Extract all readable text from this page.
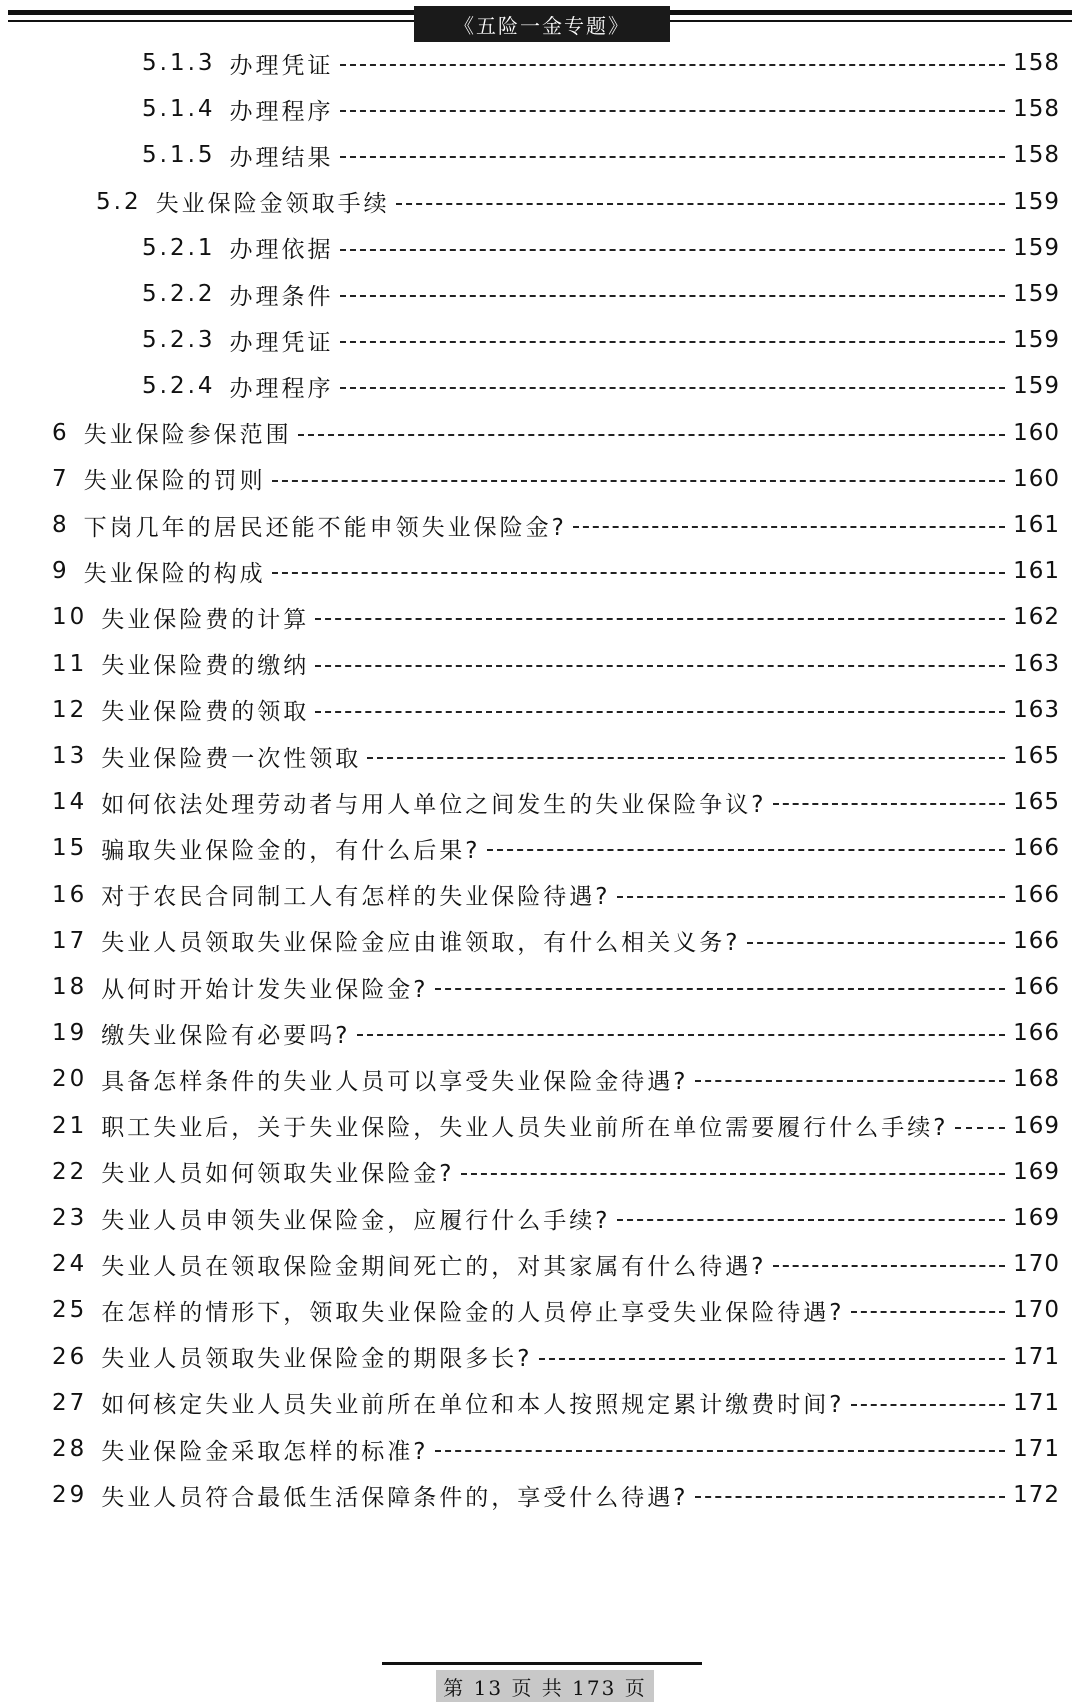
《五险一金专题》
5.1.3 办理凭证	158
5.1.4 办理程序	158
5.1.5 办理结果	158
5.2 失业保险金领取手续	159
5.2.1 办理依据	159
5.2.2 办理条件	159
5.2.3 办理凭证	159
5.2.4 办理程序	159
6 失业保险参保范围	160
7 失业保险的罚则	160
8 下岗几年的居民还能不能申领失业保险金?	161
9 失业保险的构成	161
10 失业保险费的计算	162
11 失业保险费的缴纳	163
12 失业保险费的领取	163
13 失业保险费一次性领取	165
14 如何依法处理劳动者与用人单位之间发生的失业保险争议?	165
15 骗取失业保险金的，有什么后果?	166
16 对于农民合同制工人有怎样的失业保险待遇?	166
17 失业人员领取失业保险金应由谁领取，有什么相关义务?	166
18 从何时开始计发失业保险金?	166
19 缴失业保险有必要吗?	166
20 具备怎样条件的失业人员可以享受失业保险金待遇?	168
21 职工失业后，关于失业保险，失业人员失业前所在单位需要履行什么手续?	169
22 失业人员如何领取失业保险金?	169
23 失业人员申领失业保险金，应履行什么手续?	169
24 失业人员在领取保险金期间死亡的，对其家属有什么待遇?	170
25 在怎样的情形下，领取失业保险金的人员停止享受失业保险待遇?	170
26 失业人员领取失业保险金的期限多长?	171
27 如何核定失业人员失业前所在单位和本人按照规定累计缴费时间?	171
28 失业保险金采取怎样的标准?	171
29 失业人员符合最低生活保障条件的，享受什么待遇?	172
第 13 页 共 173 页
